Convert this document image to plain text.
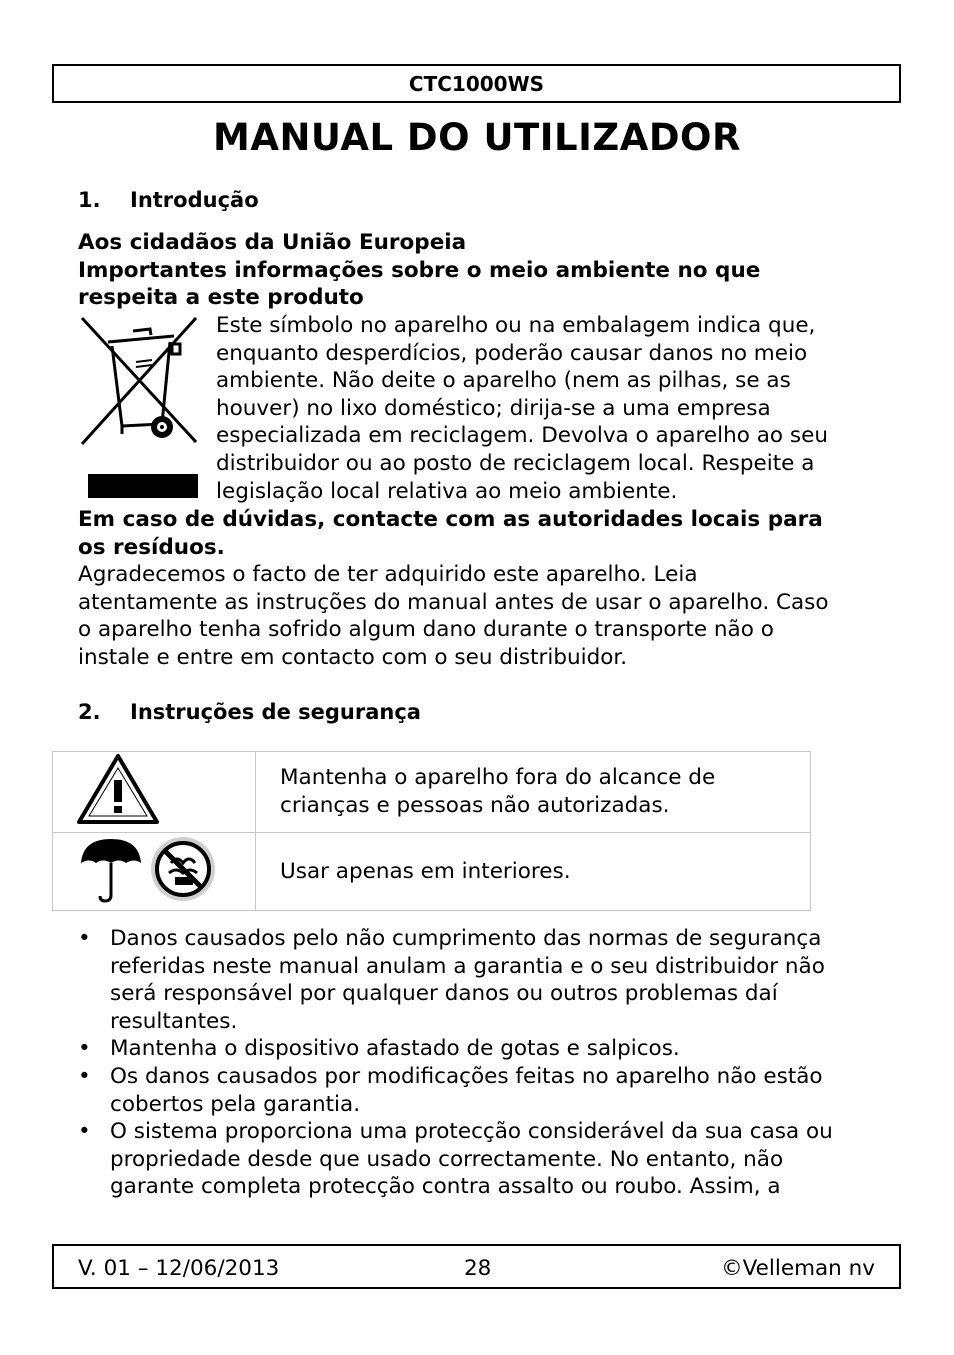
CTC1000WS
MANUAL DO UTILIZADOR
1. Introdução
Aos cidadãos da União Europeia
Importantes informações sobre o meio ambiente no que
respeita a este produto
Este símbolo no aparelho ou na embalagem indica que,
enquanto desperdícios, poderão causar danos no meio
ambiente. Não deite o aparelho (nem as pilhas, se as
houver) no lixo doméstico; dirija-se a uma empresa
especializada em reciclagem. Devolva o aparelho ao seu
distribuidor ou ao posto de reciclagem local. Respeite a
legislação local relativa ao meio ambiente.
Em caso de dúvidas, contacte com as autoridades locais para
os resíduos.
Agradecemos o facto de ter adquirido este aparelho. Leia
atentamente as instruções do manual antes de usar o aparelho. Caso
o aparelho tenha sofrido algum dano durante o transporte não o
instale e entre em contacto com o seu distribuidor.
2. Instruções de segurança

Mantenha o aparelho fora do alcance de
crianças e pessoas não autorizadas.

Usar apenas em interiores.
• Danos causados pelo não cumprimento das normas de segurança
referidas neste manual anulam a garantia e o seu distribuidor não
será responsável por qualquer danos ou outros problemas daí
resultantes.
• Mantenha o dispositivo afastado de gotas e salpicos.
• Os danos causados por modificações feitas no aparelho não estão
cobertos pela garantia.
• O sistema proporciona uma protecção considerável da sua casa ou
propriedade desde que usado correctamente. No entanto, não
garante completa protecção contra assalto ou roubo. Assim, a
V. 01 – 12/06/2013	28	©Velleman nv
